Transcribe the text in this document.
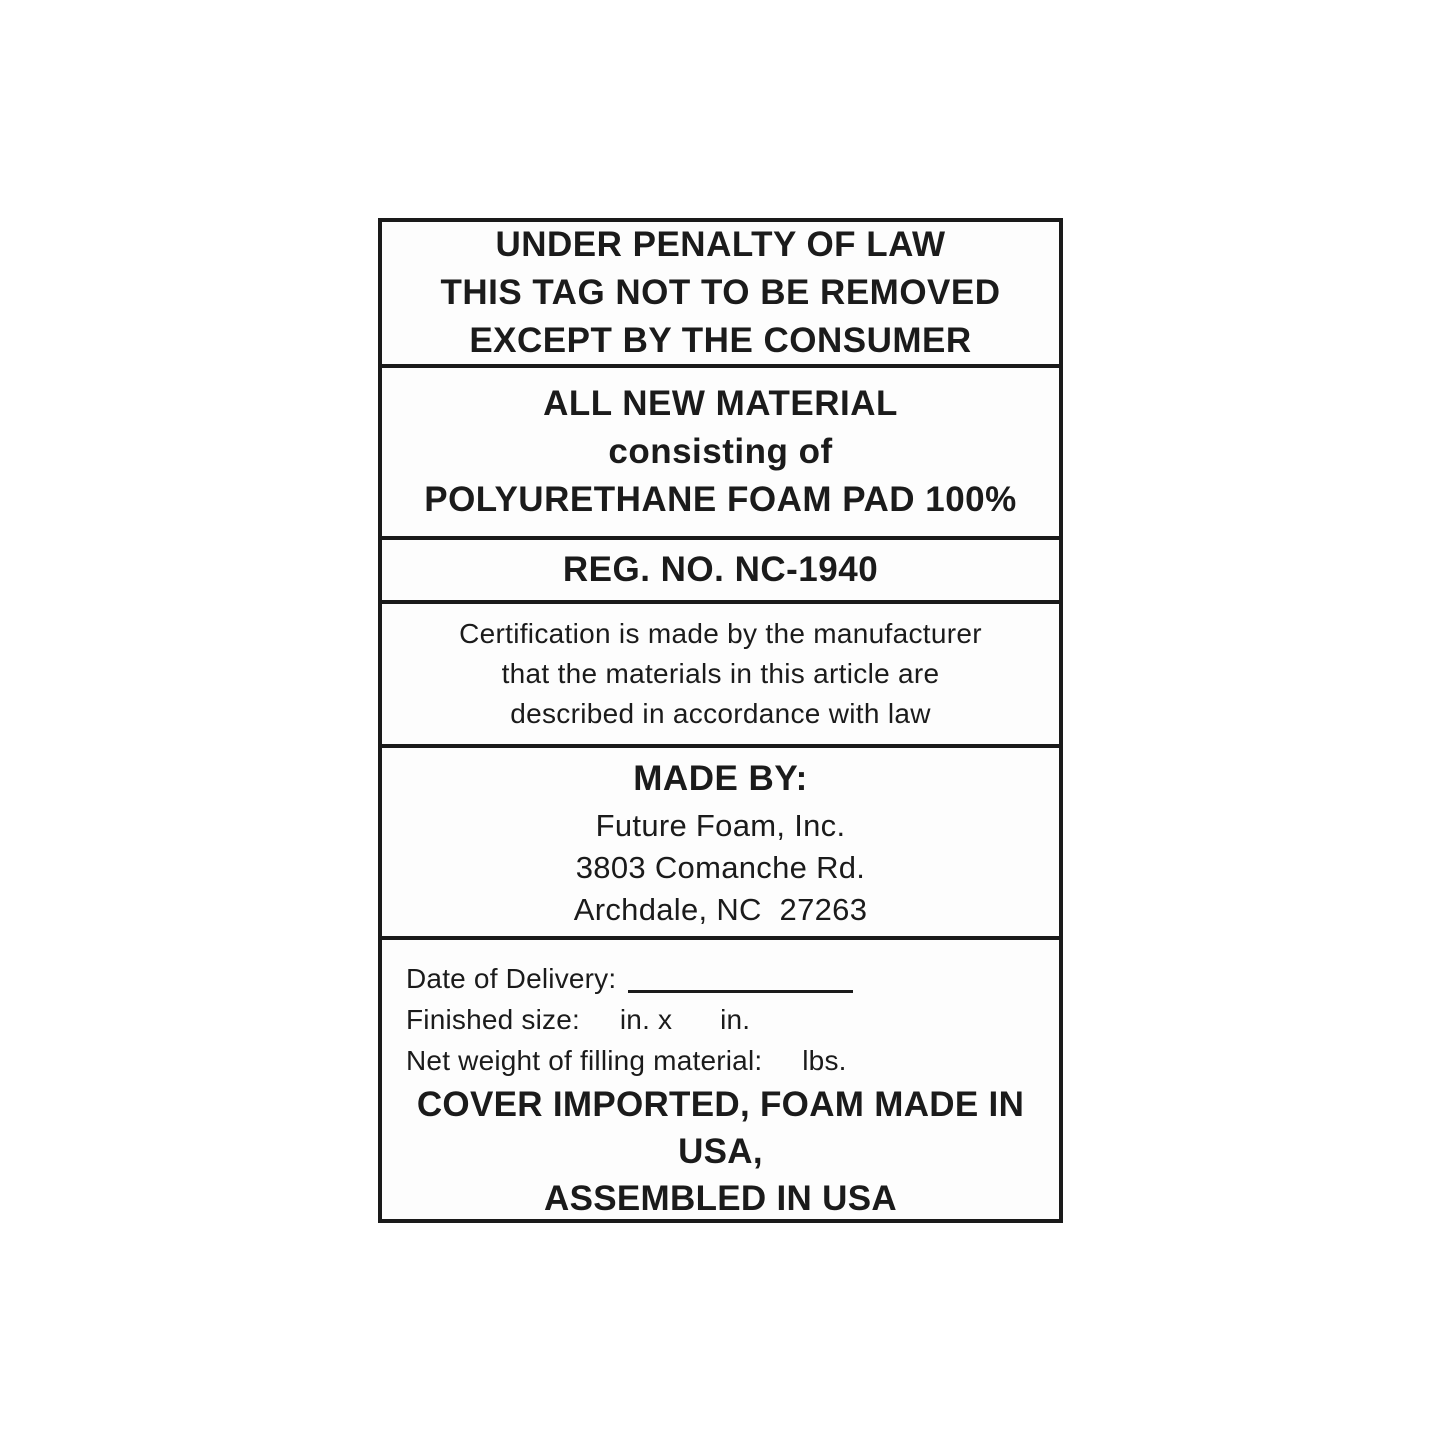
UNDER PENALTY OF LAW
THIS TAG NOT TO BE REMOVED
EXCEPT BY THE CONSUMER
ALL NEW MATERIAL
consisting of
POLYURETHANE FOAM PAD 100%
REG. NO. NC-1940
Certification is made by the manufacturer
that the materials in this article are
described in accordance with law
MADE BY:
Future Foam, Inc.
3803 Comanche Rd.
Archdale, NC  27263
Date of Delivery:
Finished size:     in. x      in.
Net weight of filling material:     lbs.
COVER IMPORTED, FOAM MADE IN USA,
ASSEMBLED IN USA
